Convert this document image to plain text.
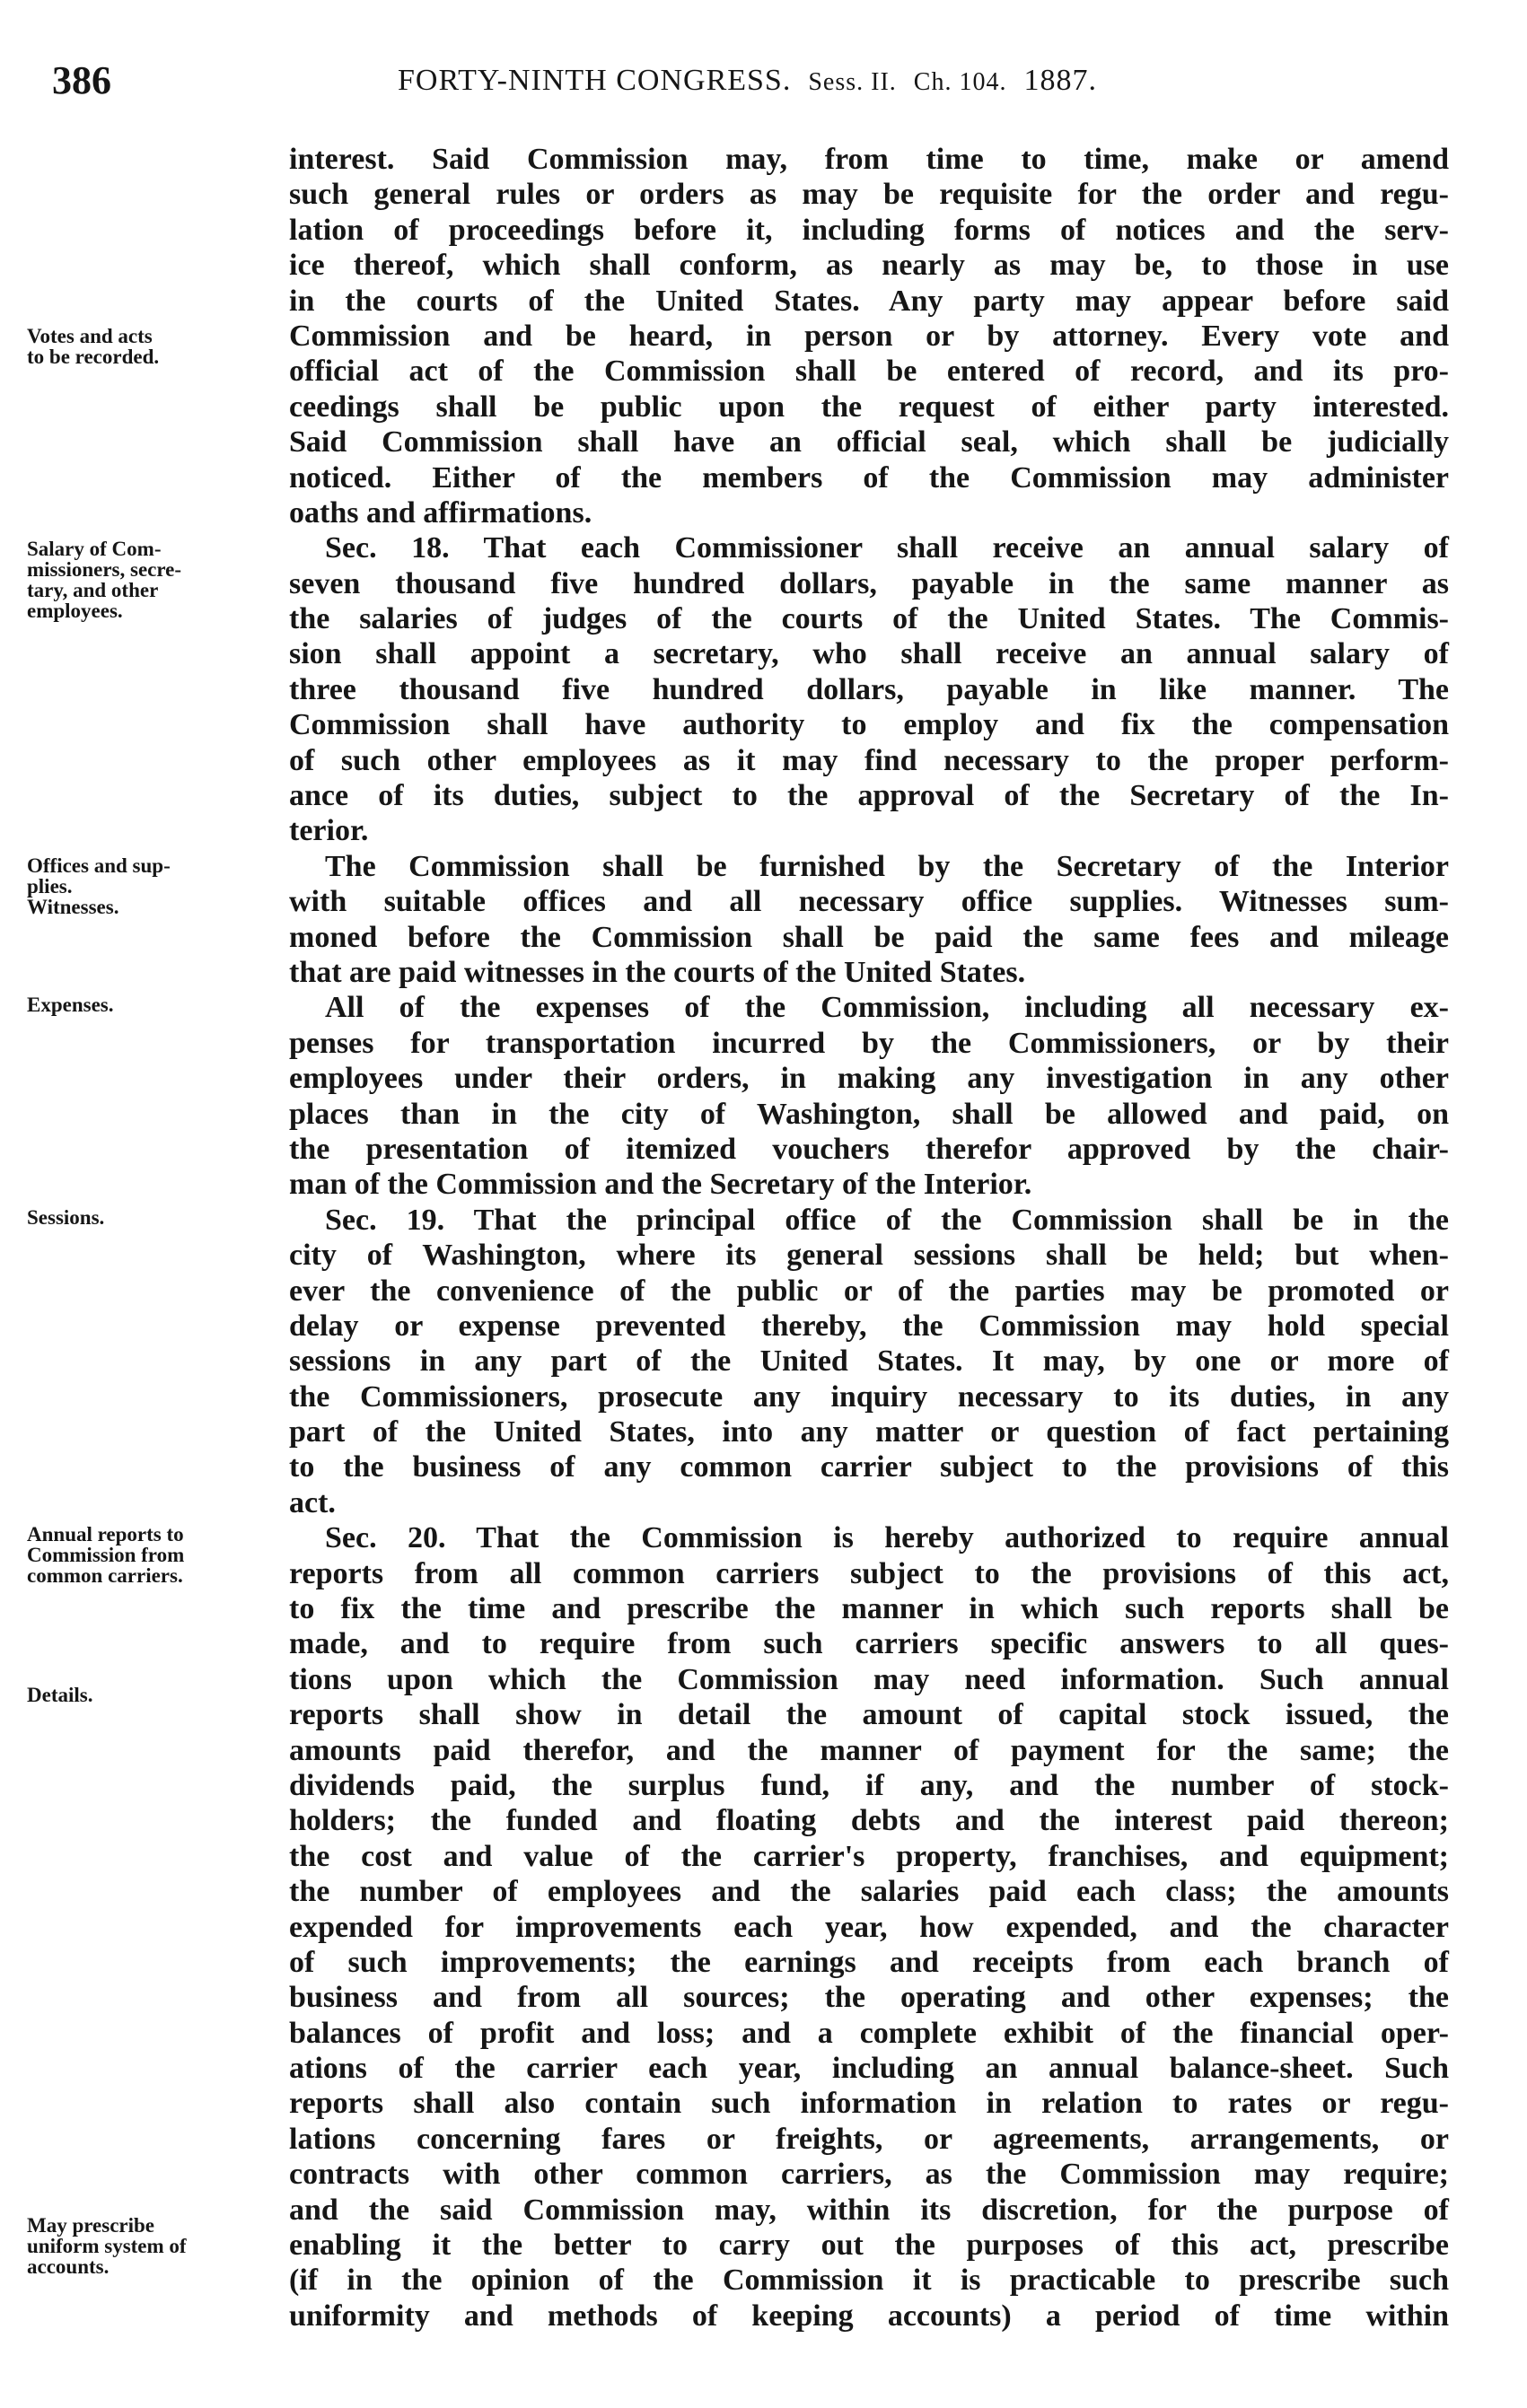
386	FORTY-NINTH CONGRESS. Sess. II. Ch. 104. 1887.
Votes and acts
to be recorded.
Salary of Com-
missioners, secre-
tary, and other
employees.
Offices and sup-
plies.
Witnesses.
Expenses.
Sessions.
Annual reports to
Commission from
common carriers.
Details.
May prescribe
uniform system of
accounts.
interest. Said Commission may, from time to time, make or amend
such general rules or orders as may be requisite for the order and regu-
lation of proceedings before it, including forms of notices and the serv-
ice thereof, which shall conform, as nearly as may be, to those in use
in the courts of the United States. Any party may appear before said
Commission and be heard, in person or by attorney. Every vote and
official act of the Commission shall be entered of record, and its pro-
ceedings shall be public upon the request of either party interested.
Said Commission shall have an official seal, which shall be judicially
noticed. Either of the members of the Commission may administer
oaths and affirmations.
Sec. 18. That each Commissioner shall receive an annual salary of
seven thousand five hundred dollars, payable in the same manner as
the salaries of judges of the courts of the United States. The Commis-
sion shall appoint a secretary, who shall receive an annual salary of
three thousand five hundred dollars, payable in like manner. The
Commission shall have authority to employ and fix the compensation
of such other employees as it may find necessary to the proper perform-
ance of its duties, subject to the approval of the Secretary of the In-
terior.
The Commission shall be furnished by the Secretary of the Interior
with suitable offices and all necessary office supplies. Witnesses sum-
moned before the Commission shall be paid the same fees and mileage
that are paid witnesses in the courts of the United States.
All of the expenses of the Commission, including all necessary ex-
penses for transportation incurred by the Commissioners, or by their
employees under their orders, in making any investigation in any other
places than in the city of Washington, shall be allowed and paid, on
the presentation of itemized vouchers therefor approved by the chair-
man of the Commission and the Secretary of the Interior.
Sec. 19. That the principal office of the Commission shall be in the
city of Washington, where its general sessions shall be held; but when-
ever the convenience of the public or of the parties may be promoted or
delay or expense prevented thereby, the Commission may hold special
sessions in any part of the United States. It may, by one or more of
the Commissioners, prosecute any inquiry necessary to its duties, in any
part of the United States, into any matter or question of fact pertaining
to the business of any common carrier subject to the provisions of this
act.
Sec. 20. That the Commission is hereby authorized to require annual
reports from all common carriers subject to the provisions of this act,
to fix the time and prescribe the manner in which such reports shall be
made, and to require from such carriers specific answers to all ques-
tions upon which the Commission may need information. Such annual
reports shall show in detail the amount of capital stock issued, the
amounts paid therefor, and the manner of payment for the same; the
dividends paid, the surplus fund, if any, and the number of stock-
holders; the funded and floating debts and the interest paid thereon;
the cost and value of the carrier's property, franchises, and equipment;
the number of employees and the salaries paid each class; the amounts
expended for improvements each year, how expended, and the character
of such improvements; the earnings and receipts from each branch of
business and from all sources; the operating and other expenses; the
balances of profit and loss; and a complete exhibit of the financial oper-
ations of the carrier each year, including an annual balance-sheet. Such
reports shall also contain such information in relation to rates or regu-
lations concerning fares or freights, or agreements, arrangements, or
contracts with other common carriers, as the Commission may require;
and the said Commission may, within its discretion, for the purpose of
enabling it the better to carry out the purposes of this act, prescribe
(if in the opinion of the Commission it is practicable to prescribe such
uniformity and methods of keeping accounts) a period of time within
